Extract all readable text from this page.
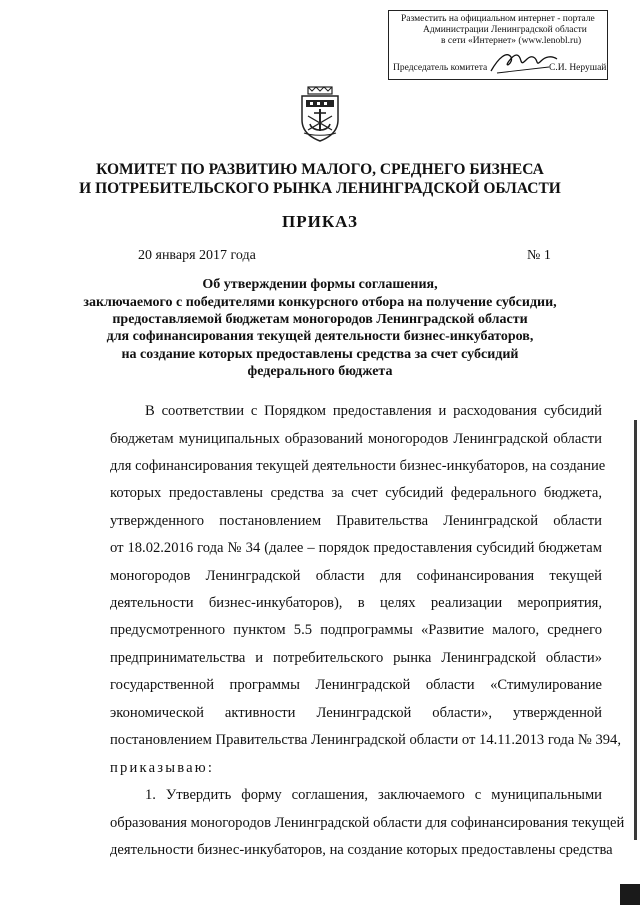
Разместить на официальном интернет - портале
Администрации Ленинградской области
в сети «Интернет» (www.lenobl.ru)
Председатель комитета	С.И. Нерушай
КОМИТЕТ ПО РАЗВИТИЮ МАЛОГО, СРЕДНЕГО БИЗНЕСА
И ПОТРЕБИТЕЛЬСКОГО РЫНКА ЛЕНИНГРАДСКОЙ ОБЛАСТИ
ПРИКАЗ
20 января 2017 года	№ 1
Об утверждении формы соглашения,
заключаемого с победителями конкурсного отбора на получение субсидии,
предоставляемой бюджетам моногородов Ленинградской области
для софинансирования текущей деятельности бизнес-инкубаторов,
на создание которых предоставлены средства за счет субсидий
федерального бюджета
В соответствии с Порядком предоставления и расходования субсидий
бюджетам муниципальных образований моногородов Ленинградской области
для софинансирования текущей деятельности бизнес-инкубаторов, на создание
которых предоставлены средства за счет субсидий федерального бюджета,
утвержденного постановлением Правительства Ленинградской области
от 18.02.2016 года № 34 (далее – порядок предоставления субсидий бюджетам
моногородов Ленинградской области для софинансирования текущей
деятельности бизнес-инкубаторов), в целях реализации мероприятия,
предусмотренного пунктом 5.5 подпрограммы «Развитие малого, среднего
предпринимательства и потребительского рынка Ленинградской области»
государственной программы Ленинградской области «Стимулирование
экономической активности Ленинградской области», утвержденной
постановлением Правительства Ленинградской области от 14.11.2013 года № 394,
приказываю:
1. Утвердить форму соглашения, заключаемого с муниципальными
образования моногородов Ленинградской области для софинансирования текущей
деятельности бизнес-инкубаторов, на создание которых предоставлены средства
